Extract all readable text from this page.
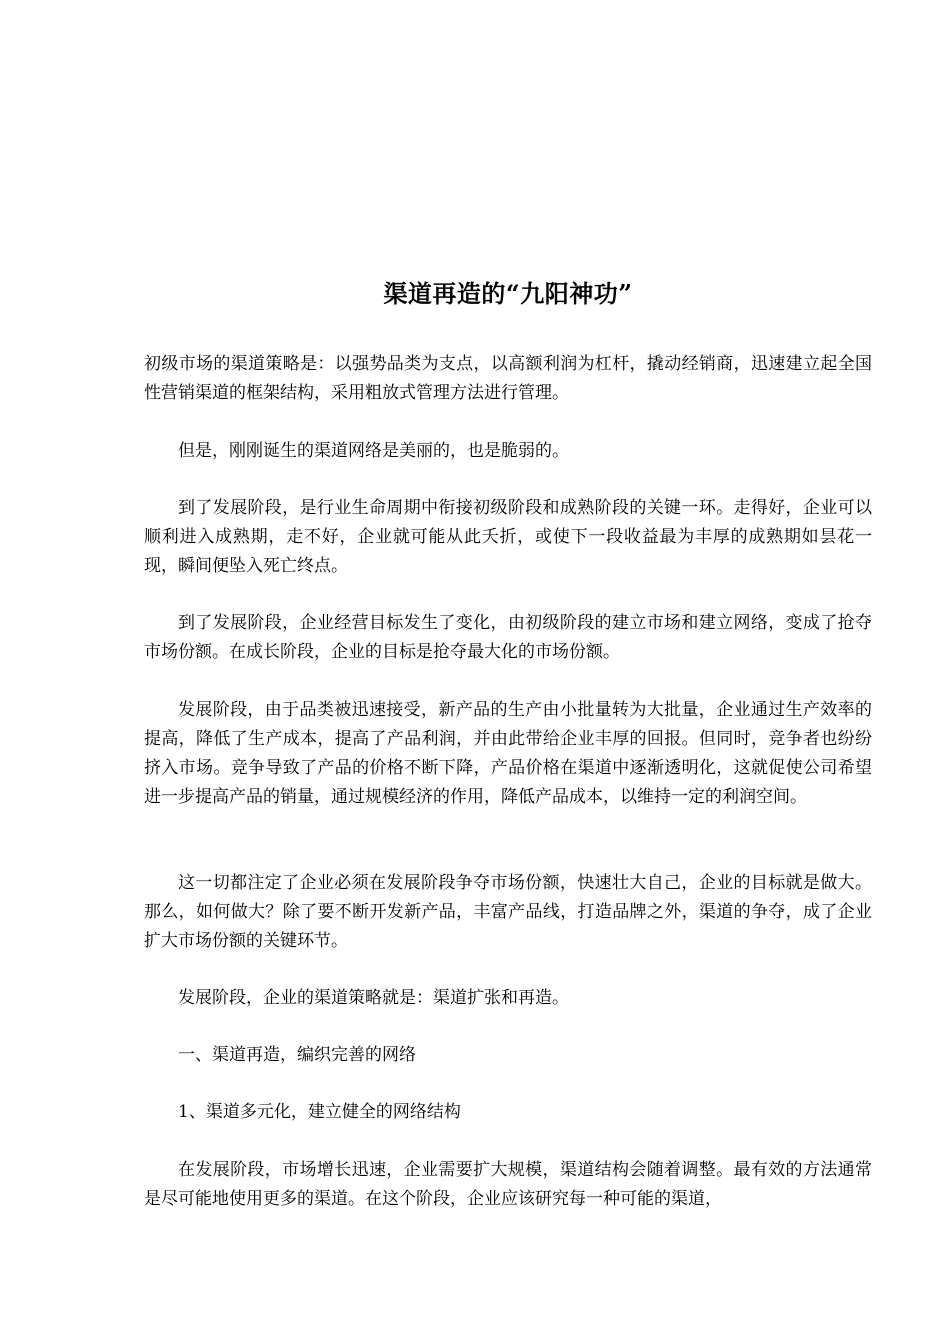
渠道再造的“九阳神功”

初级市场的渠道策略是：以强势品类为支点，以高额利润为杠杆，撬动经销商，迅速建立起全国性营销渠道的框架结构，采用粗放式管理方法进行管理。

但是，刚刚诞生的渠道网络是美丽的，也是脆弱的。

到了发展阶段，是行业生命周期中衔接初级阶段和成熟阶段的关键一环。走得好，企业可以顺利进入成熟期，走不好，企业就可能从此夭折，或使下一段收益最为丰厚的成熟期如昙花一现，瞬间便坠入死亡终点。

到了发展阶段，企业经营目标发生了变化，由初级阶段的建立市场和建立网络，变成了抢夺市场份额。在成长阶段，企业的目标是抢夺最大化的市场份额。

发展阶段，由于品类被迅速接受，新产品的生产由小批量转为大批量，企业通过生产效率的提高，降低了生产成本，提高了产品利润，并由此带给企业丰厚的回报。但同时，竞争者也纷纷挤入市场。竞争导致了产品的价格不断下降，产品价格在渠道中逐渐透明化，这就促使公司希望进一步提高产品的销量，通过规模经济的作用，降低产品成本，以维持一定的利润空间。

这一切都注定了企业必须在发展阶段争夺市场份额，快速壮大自己，企业的目标就是做大。那么，如何做大？除了要不断开发新产品，丰富产品线，打造品牌之外，渠道的争夺，成了企业扩大市场份额的关键环节。

发展阶段，企业的渠道策略就是：渠道扩张和再造。

一、渠道再造，编织完善的网络

1、渠道多元化，建立健全的网络结构

在发展阶段，市场增长迅速，企业需要扩大规模，渠道结构会随着调整。最有效的方法通常是尽可能地使用更多的渠道。在这个阶段，企业应该研究每一种可能的渠道，
